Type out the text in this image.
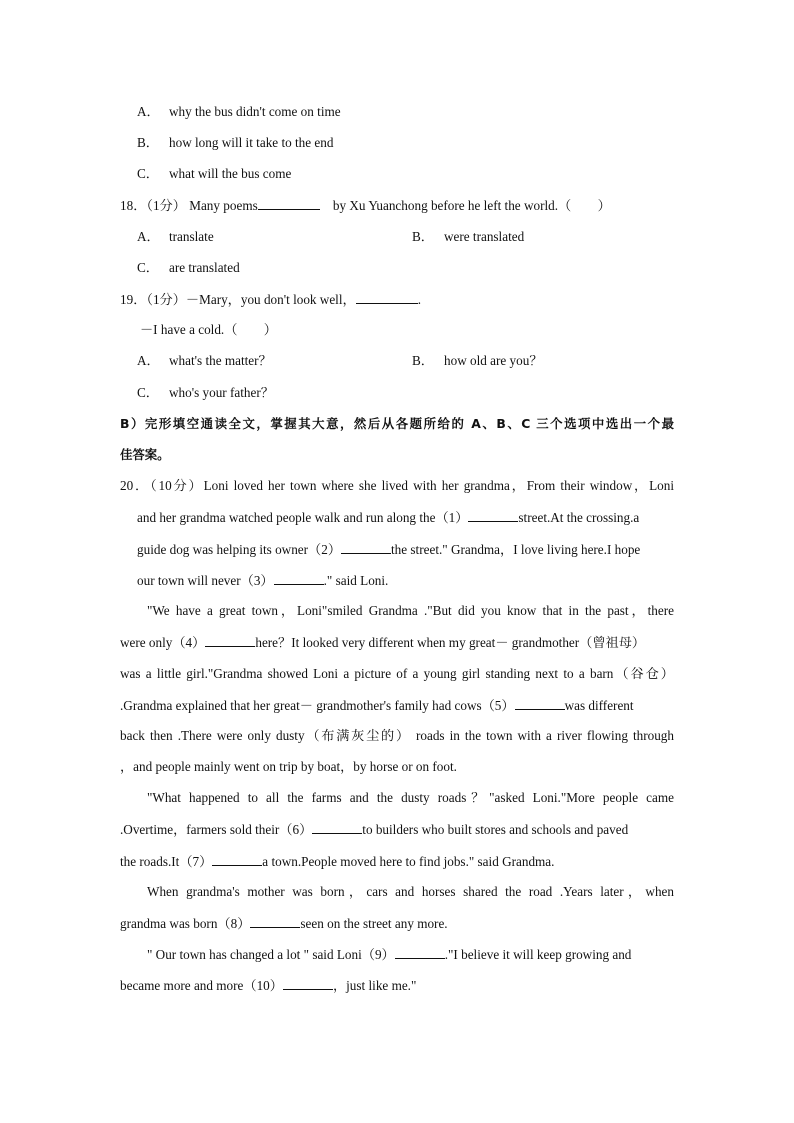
A． why the bus didn't come on time
B． how long will it take to the end
C． what will the bus come
18．（1分） Many poems	by Xu Yuanchong before he left the world.（　　）
A． translate	B． were translated
C． are translated
19．（1分）－Mary，you don't look well，	.
－I have a cold.（　　）
A． what's the matter？	B． how old are you？
C． who's your father？
B）完形填空通读全文，掌握其大意，然后从各题所给的 A、B、C 三个选项中选出一个最
佳答案。
20．（10分）Loni loved her town where she lived with her grandma，From their window，Loni
and her grandma watched people walk and run along the（1）	street.At the crossing.a
guide dog was helping its owner（2）	the street." Grandma，I love living here.I hope
our town will never（3）	." said Loni.
"We have a great town，Loni"smiled Grandma ."But did you know that in the past，there
were only（4）	here？It looked very different when my great－ grandmother（曾祖母）
was a little girl."Grandma showed Loni a picture of a young girl standing next to a barn（谷仓）
.Grandma explained that her great－ grandmother's family had cows（5）	was different
back then .There were only dusty（布满灰尘的） roads in the town with a river flowing through
，and people mainly went on trip by boat，by horse or on foot.
"What happened to all the farms and the dusty roads？"asked Loni."More people came
.Overtime，farmers sold their（6）	to builders who built stores and schools and paved
the roads.It（7）	a town.People moved here to find jobs." said Grandma.
When grandma's mother was born，cars and horses shared the road .Years later，when
grandma was born（8）	seen on the street any more.
" Our town has changed a lot " said Loni（9）	."I believe it will keep growing and
became more and more（10）	，just like me."
